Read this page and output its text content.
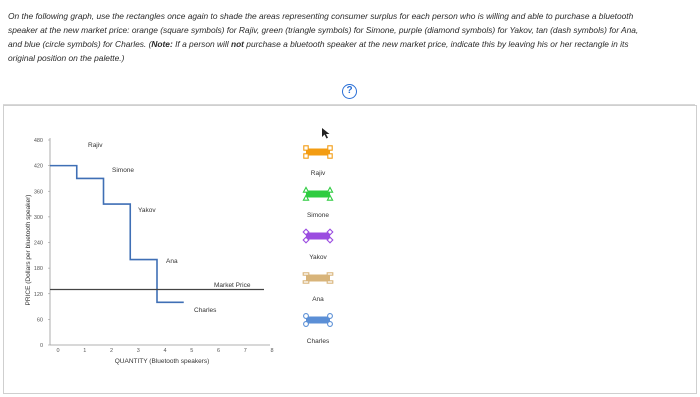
On the following graph, use the rectangles once again to shade the areas representing consumer surplus for each person who is willing and able to purchase a bluetooth speaker at the new market price: orange (square symbols) for Rajiv, green (triangle symbols) for Simone, purple (diamond symbols) for Yakov, tan (dash symbols) for Ana, and blue (circle symbols) for Charles. (Note: If a person will not purchase a bluetooth speaker at the new market price, indicate this by leaving his or her rectangle in its original position on the palette.)
?
PRICE (Dollars per bluetooth speaker)
QUANTITY (Bluetooth speakers)
0
60
120
180
240
300
360
420
480
0	1	2	3	4	5	6	7	8
Rajiv
Simone
Yakov
Ana
Market Price
Charles
Rajiv
Simone
Yakov
Ana
Charles
